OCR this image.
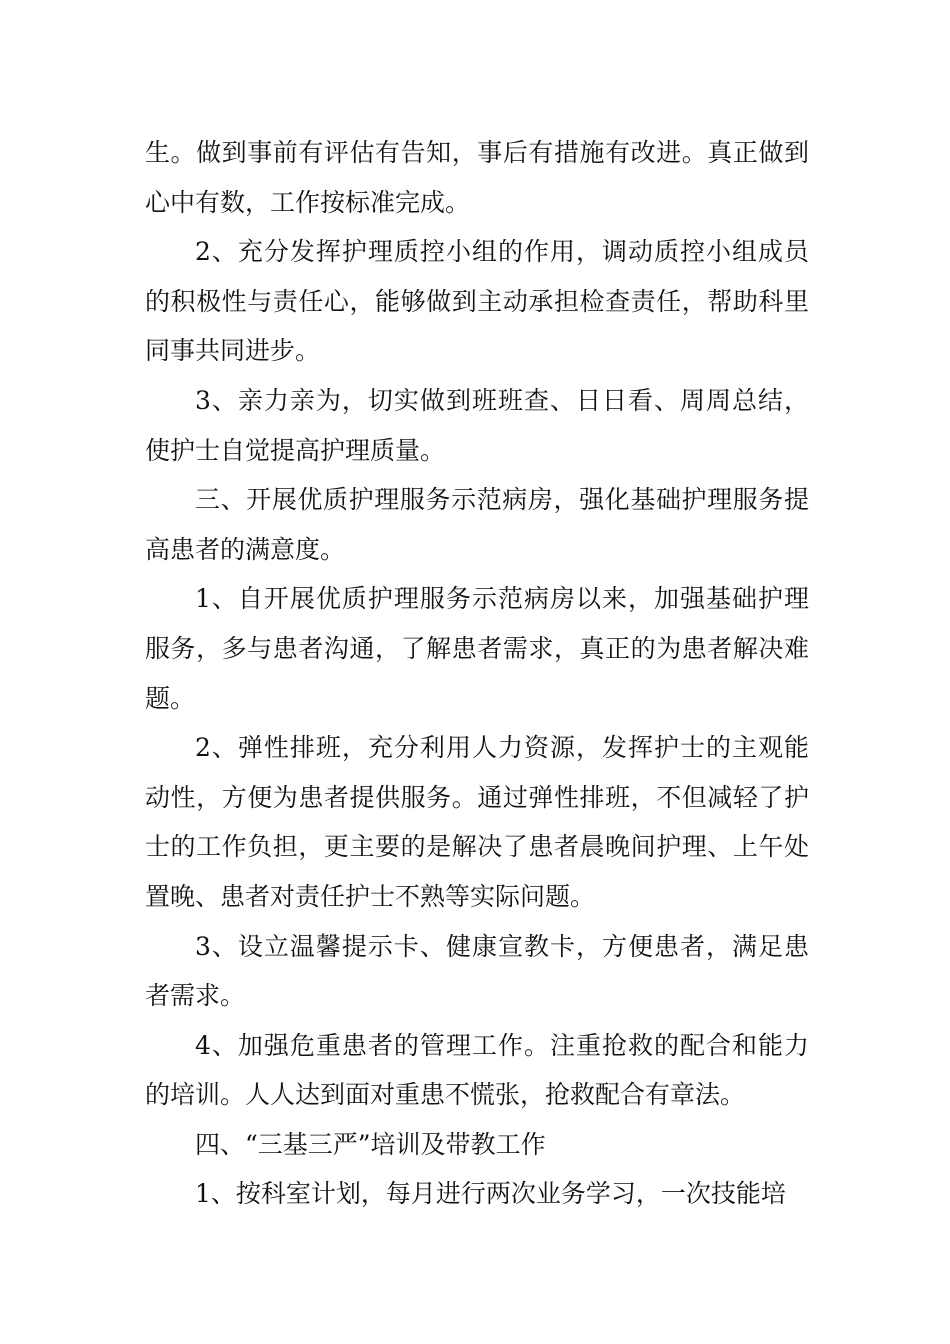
生。做到事前有评估有告知，事后有措施有改进。真正做到心中有数，工作按标准完成。

2、充分发挥护理质控小组的作用，调动质控小组成员的积极性与责任心，能够做到主动承担检查责任，帮助科里同事共同进步。

3、亲力亲为，切实做到班班查、日日看、周周总结，使护士自觉提高护理质量。

三、开展优质护理服务示范病房，强化基础护理服务提高患者的满意度。

1、自开展优质护理服务示范病房以来，加强基础护理服务，多与患者沟通，了解患者需求，真正的为患者解决难题。

2、弹性排班，充分利用人力资源，发挥护士的主观能动性，方便为患者提供服务。通过弹性排班，不但减轻了护士的工作负担，更主要的是解决了患者晨晚间护理、上午处置晚、患者对责任护士不熟等实际问题。

3、设立温馨提示卡、健康宣教卡，方便患者，满足患者需求。

4、加强危重患者的管理工作。注重抢救的配合和能力的培训。人人达到面对重患不慌张，抢救配合有章法。

四、“三基三严”培训及带教工作

1、按科室计划，每月进行两次业务学习，一次技能培
